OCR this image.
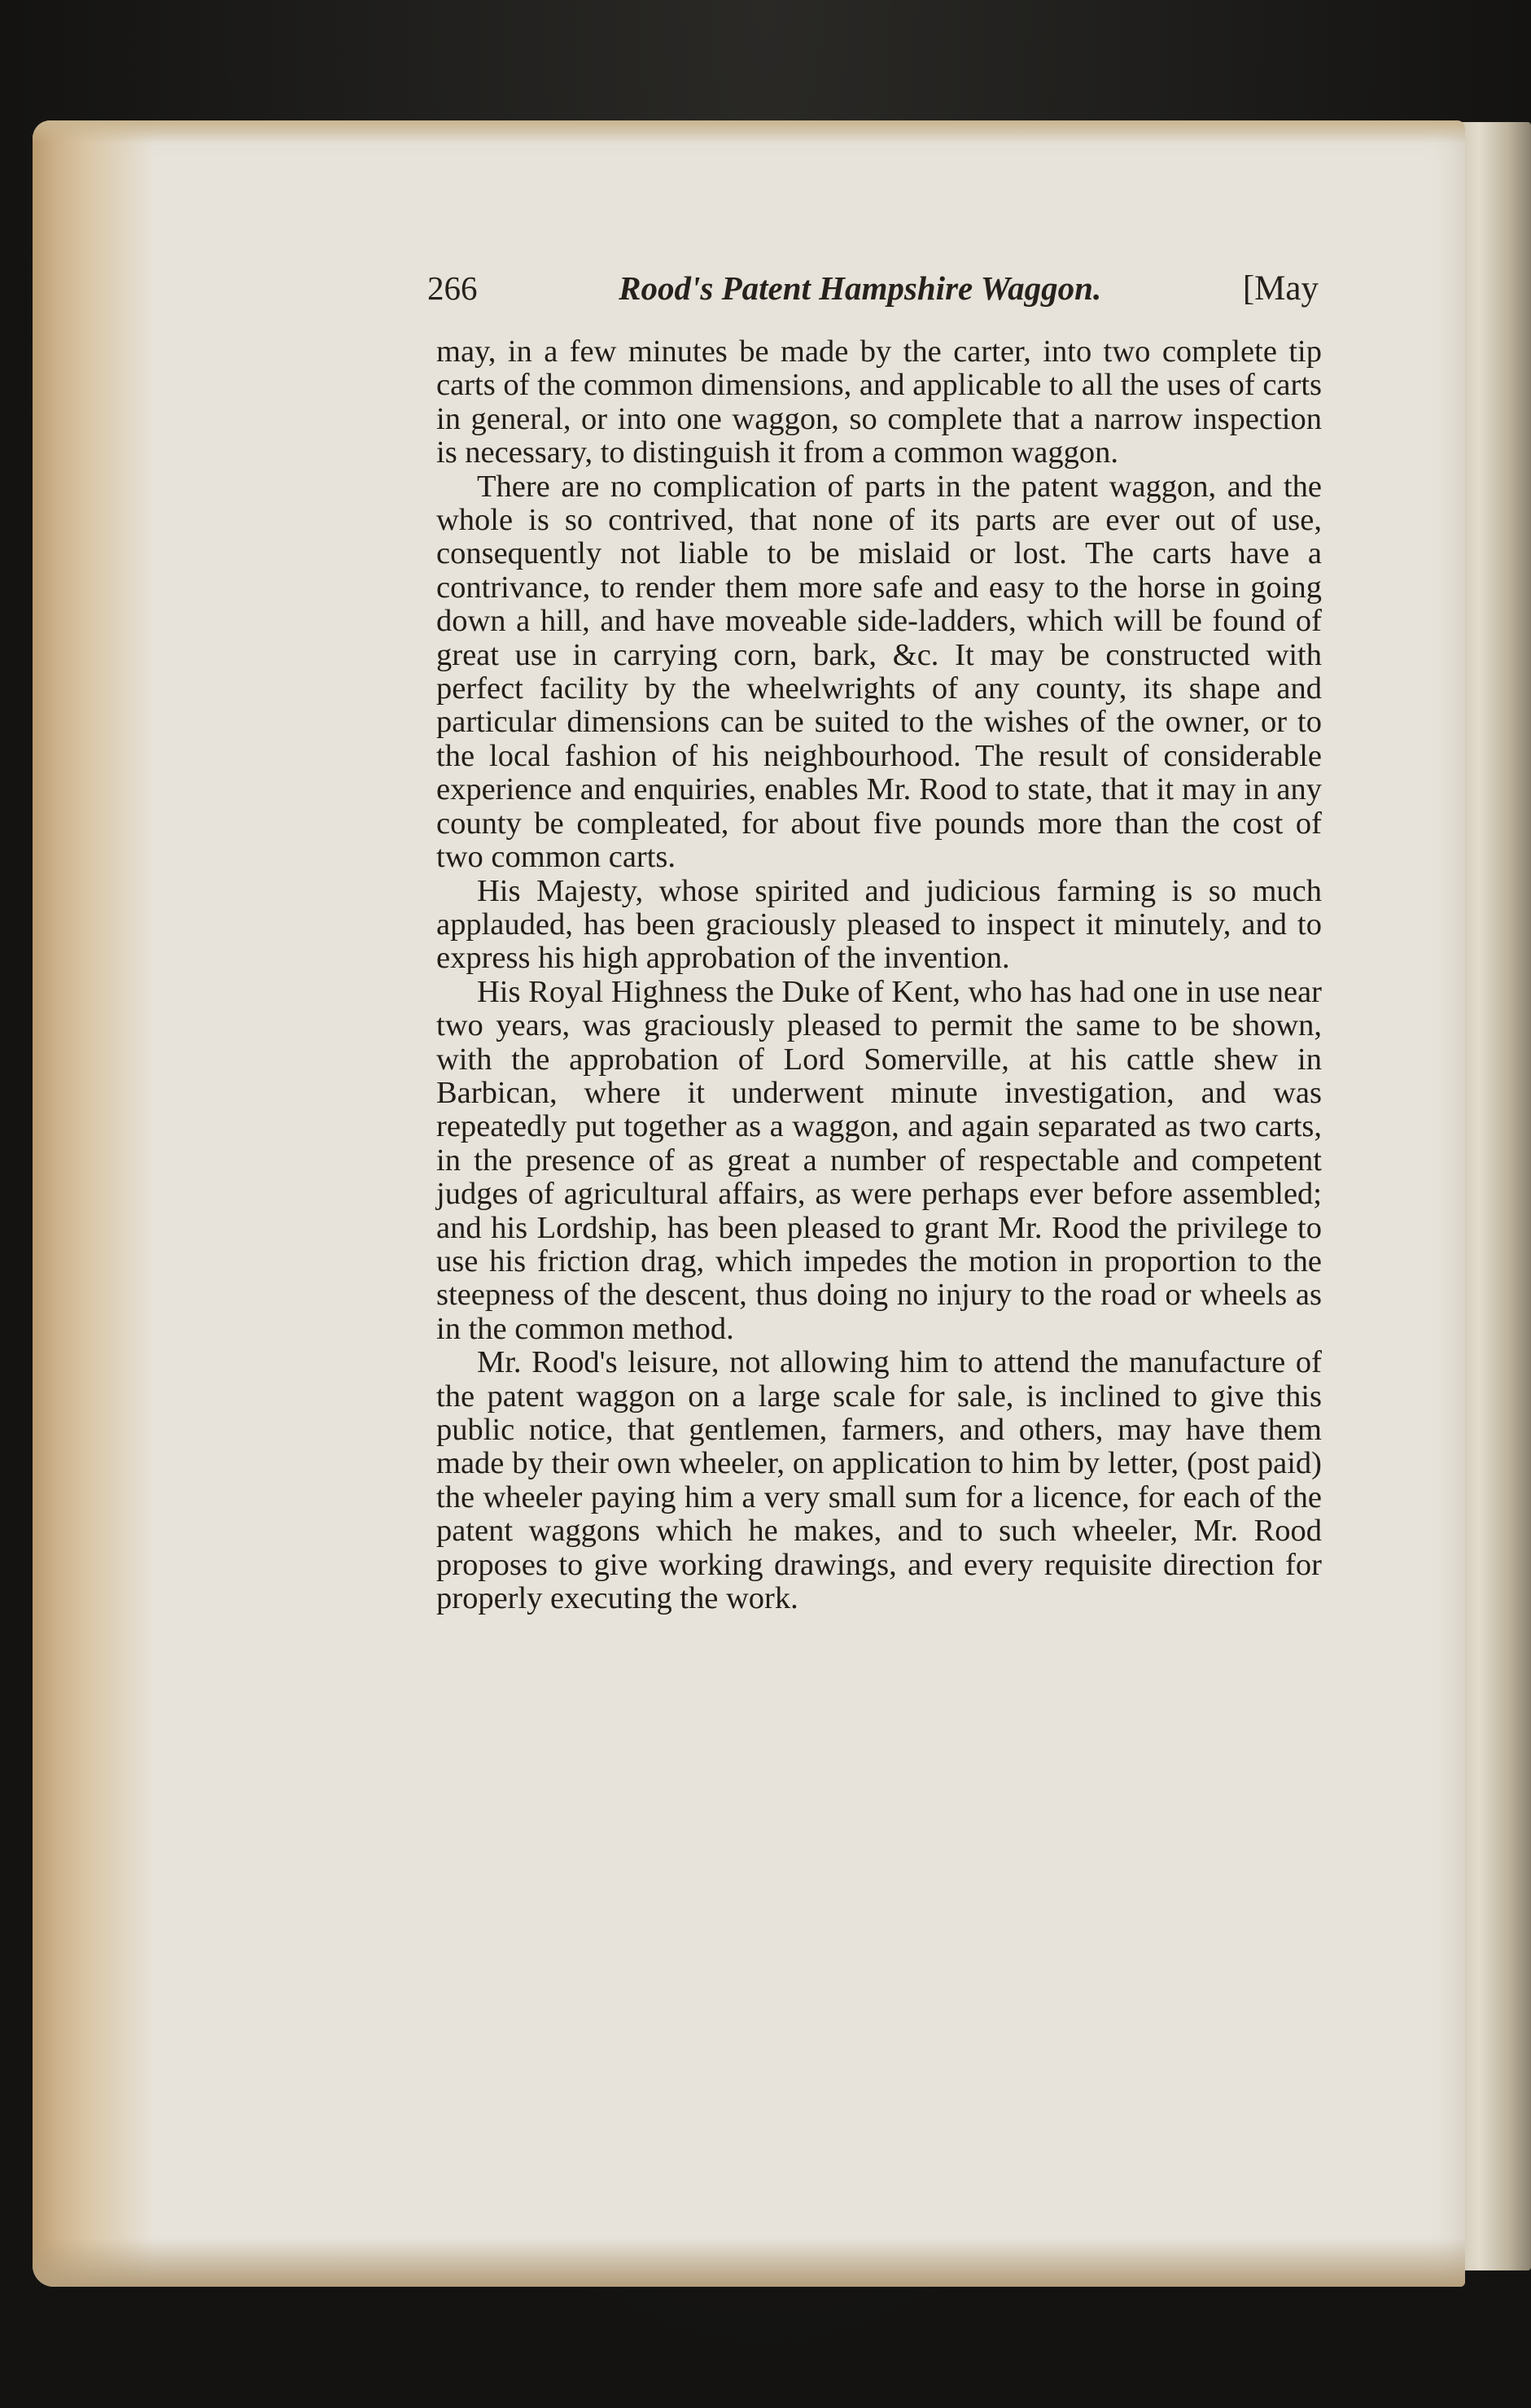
266	Rood's Patent Hampshire Waggon.	[May

may, in a few minutes be made by the carter, into two complete tip carts of the common dimensions, and applicable to all the uses of carts in general, or into one waggon, so complete that a narrow inspection is necessary, to distinguish it from a common waggon.

There are no complication of parts in the patent waggon, and the whole is so contrived, that none of its parts are ever out of use, consequently not liable to be mislaid or lost. The carts have a contrivance, to render them more safe and easy to the horse in going down a hill, and have moveable side-ladders, which will be found of great use in carrying corn, bark, &c. It may be constructed with perfect facility by the wheelwrights of any county, its shape and particular dimensions can be suited to the wishes of the owner, or to the local fashion of his neighbourhood. The result of considerable experience and enquiries, enables Mr. Rood to state, that it may in any county be compleated, for about five pounds more than the cost of two common carts.

His Majesty, whose spirited and judicious farming is so much applauded, has been graciously pleased to inspect it minutely, and to express his high approbation of the invention.

His Royal Highness the Duke of Kent, who has had one in use near two years, was graciously pleased to permit the same to be shown, with the approbation of Lord Somerville, at his cattle shew in Barbican, where it underwent minute investigation, and was repeatedly put together as a waggon, and again separated as two carts, in the presence of as great a number of respectable and competent judges of agricultural affairs, as were perhaps ever before assembled; and his Lordship, has been pleased to grant Mr. Rood the privilege to use his friction drag, which impedes the motion in proportion to the steepness of the descent, thus doing no injury to the road or wheels as in the common method.

Mr. Rood's leisure, not allowing him to attend the manufacture of the patent waggon on a large scale for sale, is inclined to give this public notice, that gentlemen, farmers, and others, may have them made by their own wheeler, on application to him by letter, (post paid) the wheeler paying him a very small sum for a licence, for each of the patent waggons which he makes, and to such wheeler, Mr. Rood proposes to give working drawings, and every requisite direction for properly executing the work.
